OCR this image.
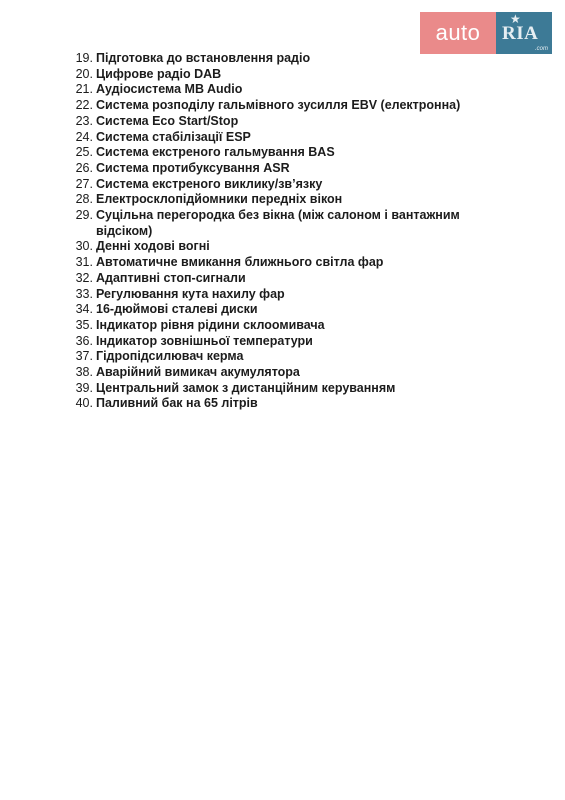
auto
★
RIA
.com
19. Підготовка до встановлення радіо
20. Цифрове радіо DAB
21. Аудіосистема MB Audio
22. Система розподілу гальмівного зусилля EBV (електронна)
23. Система Eco Start/Stop
24. Система стабілізації ESP
25. Система екстреного гальмування BAS
26. Система протибуксування ASR
27. Система екстреного виклику/зв’язку
28. Електросклопідйомники передніх вікон
29. Суцільна перегородка без вікна (між салоном і вантажним відсіком)
30. Денні ходові вогні
31. Автоматичне вмикання ближнього світла фар
32. Адаптивні стоп-сигнали
33. Регулювання кута нахилу фар
34. 16-дюймові сталеві диски
35. Індикатор рівня рідини склоомивача
36. Індикатор зовнішньої температури
37. Гідропідсилювач керма
38. Аварійний вимикач акумулятора
39. Центральний замок з дистанційним керуванням
40. Паливний бак на 65 літрів
